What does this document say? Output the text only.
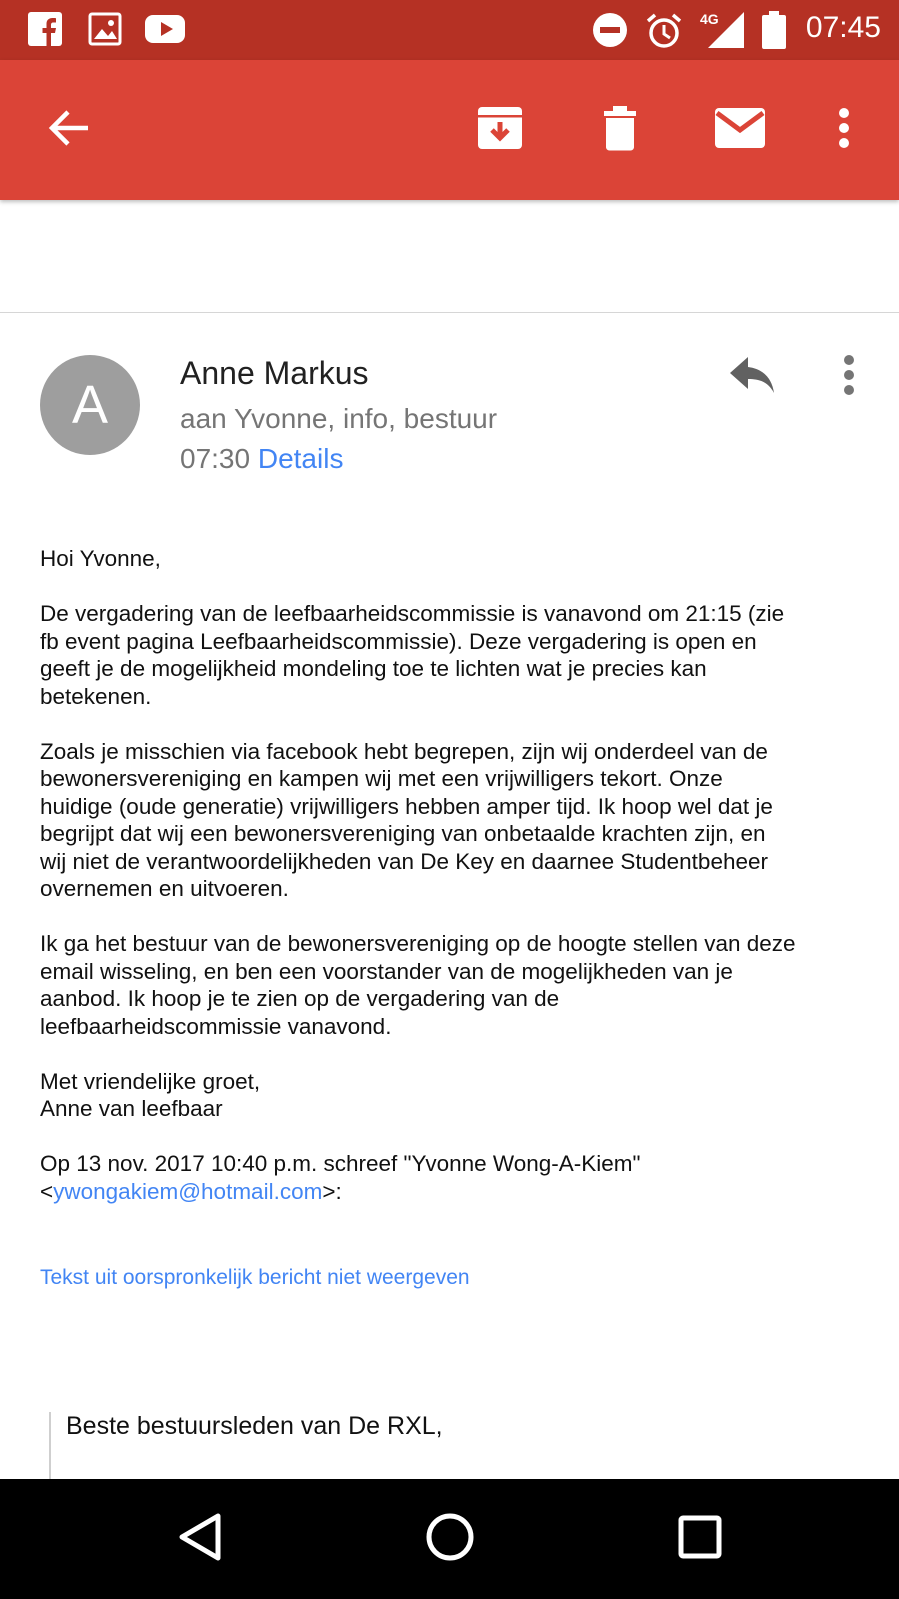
4G	07:45
A
Anne Markus
aan Yvonne, info, bestuur
07:30 Details

Hoi Yvonne,

De vergadering van de leefbaarheidscommissie is vanavond om 21:15 (zie
fb event pagina Leefbaarheidscommissie). Deze vergadering is open en
geeft je de mogelijkheid mondeling toe te lichten wat je precies kan
betekenen.

Zoals je misschien via facebook hebt begrepen, zijn wij onderdeel van de
bewonersvereniging en kampen wij met een vrijwilligers tekort. Onze
huidige (oude generatie) vrijwilligers hebben amper tijd. Ik hoop wel dat je
begrijpt dat wij een bewonersvereniging van onbetaalde krachten zijn, en
wij niet de verantwoordelijkheden van De Key en daarnee Studentbeheer
overnemen en uitvoeren.

Ik ga het bestuur van de bewonersvereniging op de hoogte stellen van deze
email wisseling, en ben een voorstander van de mogelijkheden van je
aanbod. Ik hoop je te zien op de vergadering van de
leefbaarheidscommissie vanavond.

Met vriendelijke groet,
Anne van leefbaar

Op 13 nov. 2017 10:40 p.m. schreef "Yvonne Wong-A-Kiem"
<ywongakiem@hotmail.com>:

Tekst uit oorspronkelijk bericht niet weergeven
Beste bestuursleden van De RXL,
